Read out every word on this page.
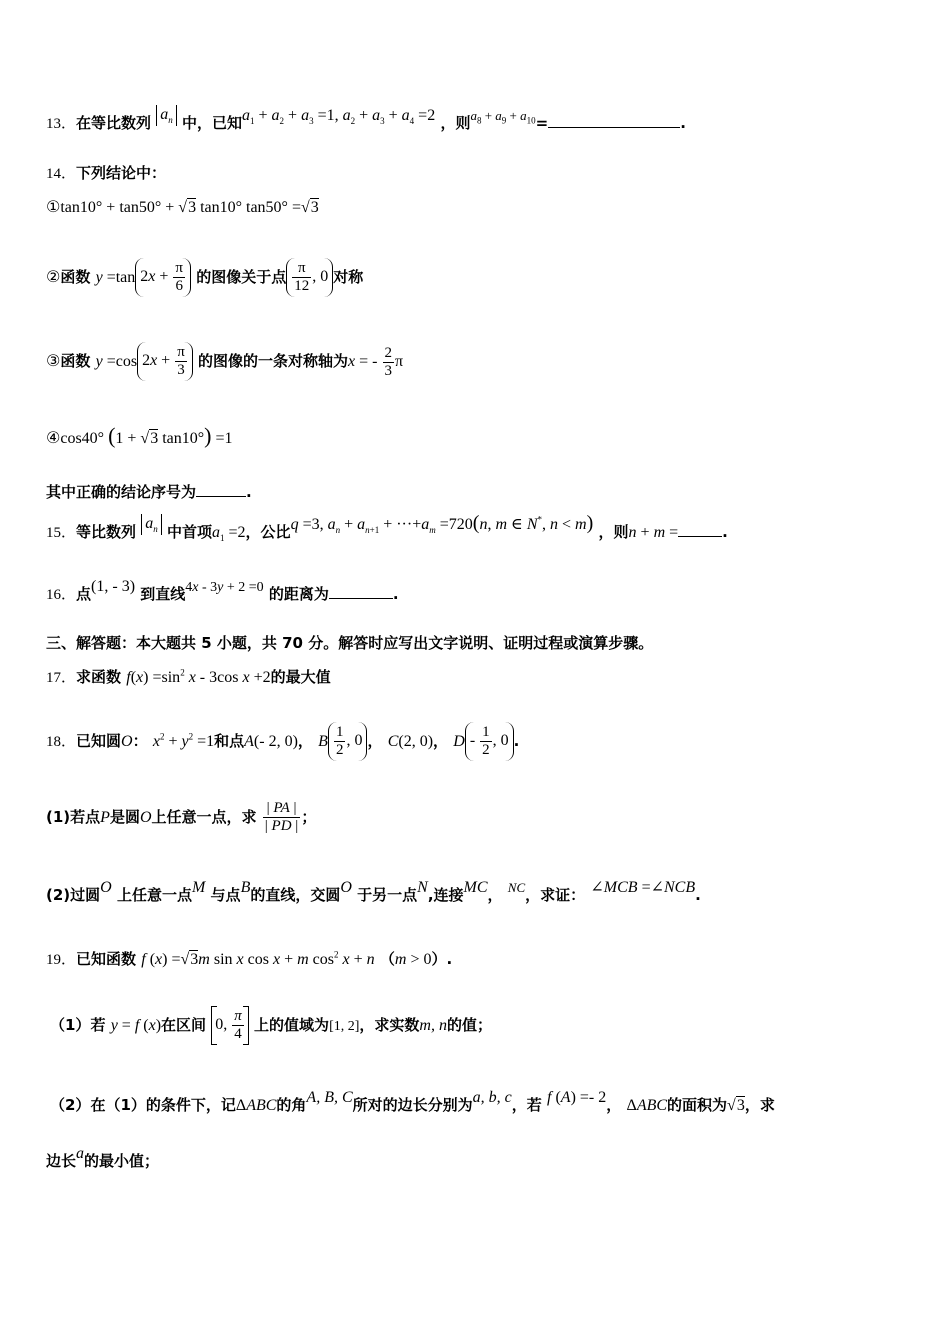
13．在等比数列 $a_n$ 中，已知$a_1 + a_2 + a_3 =1$, $a_2 + a_3 + a_4 =2$ ，则$a_8 + a_9 + a_{10}=$	.
14．下列结论中：
①tan10° + tan50° + √3 tan10° tan50° =√3
②函数 y =tan $2x + \frac{\pi}{6}$ 的图像关于点 $\frac{\pi}{12}$ , 0 对称
③函数 y =cos $2x + \frac{\pi}{3}$ 的图像的一条对称轴为x = - $\frac{2}{3}$ π
④cos40° (1 + √3 tan10°) =1
其中正确的结论序号为	.
15．等比数列 $a_n$ 中首项$a_1 =2$，公比q =3, $a_n + a_{n+1} + \cdot\cdot\cdot+a_m =720(n$, m ∈ N*, n < m) ，则n + m =	.
16．点(1, - 3) 到直线4x - 3y + 2 =0 的距离为	.
三、解答题：本大题共 5 小题，共 70 分。解答时应写出文字说明、证明过程或演算步骤。
17．求函数 $f(x) =\sin^2$ x - 3cos x +2的最大值
18．已知圆O： $x^2 + y^2 =1$和点A(- 2, 0)， B $\frac{1}{2}$ , 0 ， C(2, 0)， D - $\frac{1}{2}$ , 0 .
(1)若点P是圆O上任意一点，求 $\frac{| PA |}{| PD |}$ ；
(2)过圆O 上任意一点M 与点B的直线，交圆O 于另一点N,连接MC， NC，求证： ∠MCB =∠NCB.
19．已知函数 f (x) =√3m sin x cos x + m $\cos^2 x + n$ （m > 0）.
（1）若 y = f (x)在区间 0, $\frac{\pi}{4}$ 上的值域为[1, 2]，求实数m, n的值；
（2）在（1）的条件下，记ΔABC的角A, B, C所对的边长分别为a, b, c，若 f (A) =- 2， ΔABC的面积为√3，求
边长a的最小值；
